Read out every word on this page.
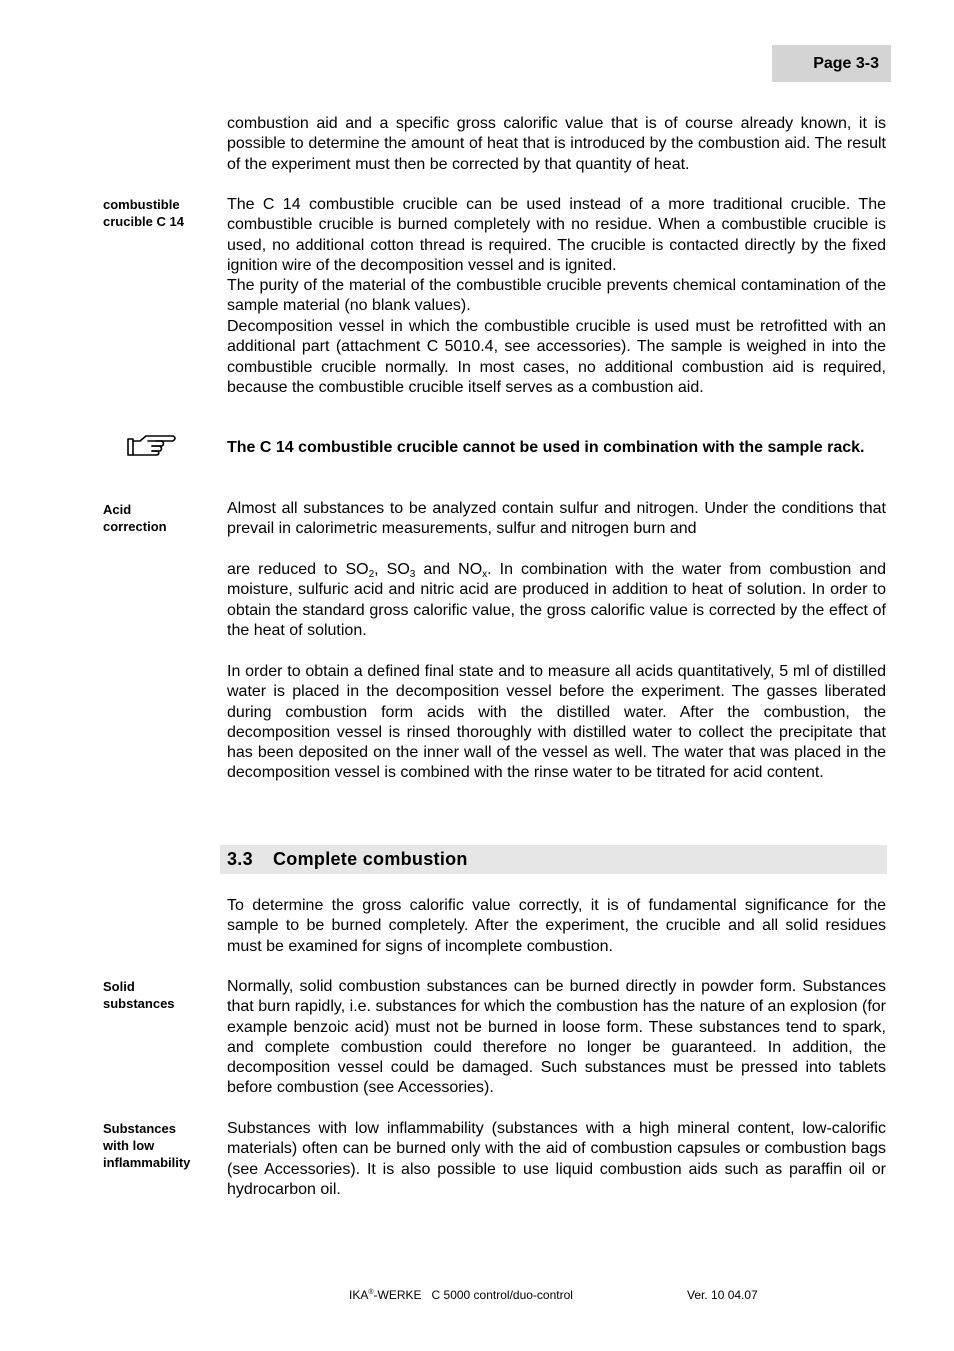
Page 3-3

combustion aid and a specific gross calorific value that is of course already known, it is possible to determine the amount of heat that is introduced by the combustion aid. The result of the experiment must then be corrected by that quantity of heat.

combustible
crucible C 14

The C 14 combustible crucible can be used instead of a more traditional crucible. The combustible crucible is burned completely with no residue. When a combustible crucible is used, no additional cotton thread is required. The crucible is contacted directly by the fixed ignition wire of the decomposition vessel and is ignited.

The purity of the material of the combustible crucible prevents chemical contamination of the sample material (no blank values).

Decomposition vessel in which the combustible crucible is used must be retrofitted with an additional part (attachment C 5010.4, see accessories). The sample is weighed in into the combustible crucible normally. In most cases, no additional combustion aid is required, because the combustible crucible itself serves as a combustion aid.

The C 14 combustible crucible cannot be used in combination with the sample rack.

Acid
correction

Almost all substances to be analyzed contain sulfur and nitrogen. Under the conditions that prevail in calorimetric measurements, sulfur and nitrogen burn and

are reduced to $SO_2$, $SO_3$ and $NO_x$. In combination with the water from combustion and moisture, sulfuric acid and nitric acid are produced in addition to heat of solution. In order to obtain the standard gross calorific value, the gross calorific value is corrected by the effect of the heat of solution.

In order to obtain a defined final state and to measure all acids quantitatively, 5 ml of distilled water is placed in the decomposition vessel before the experiment. The gasses liberated during combustion form acids with the distilled water. After the combustion, the decomposition vessel is rinsed thoroughly with distilled water to collect the precipitate that has been deposited on the inner wall of the vessel as well. The water that was placed in the decomposition vessel is combined with the rinse water to be titrated for acid content.

3.3	Complete combustion

To determine the gross calorific value correctly, it is of fundamental significance for the sample to be burned completely. After the experiment, the crucible and all solid residues must be examined for signs of incomplete combustion.

Solid
substances

Normally, solid combustion substances can be burned directly in powder form. Substances that burn rapidly, i.e. substances for which the combustion has the nature of an explosion (for example benzoic acid) must not be burned in loose form. These substances tend to spark, and complete combustion could therefore no longer be guaranteed. In addition, the decomposition vessel could be damaged. Such substances must be pressed into tablets before combustion (see Accessories).

Substances
with low
inflammability

Substances with low inflammability (substances with a high mineral content, low-calorific materials) often can be burned only with the aid of combustion capsules or combustion bags (see Accessories). It is also possible to use liquid combustion aids such as paraffin oil or hydrocarbon oil.

IKA®-WERKE   C 5000 control/duo-control	Ver. 10 04.07
